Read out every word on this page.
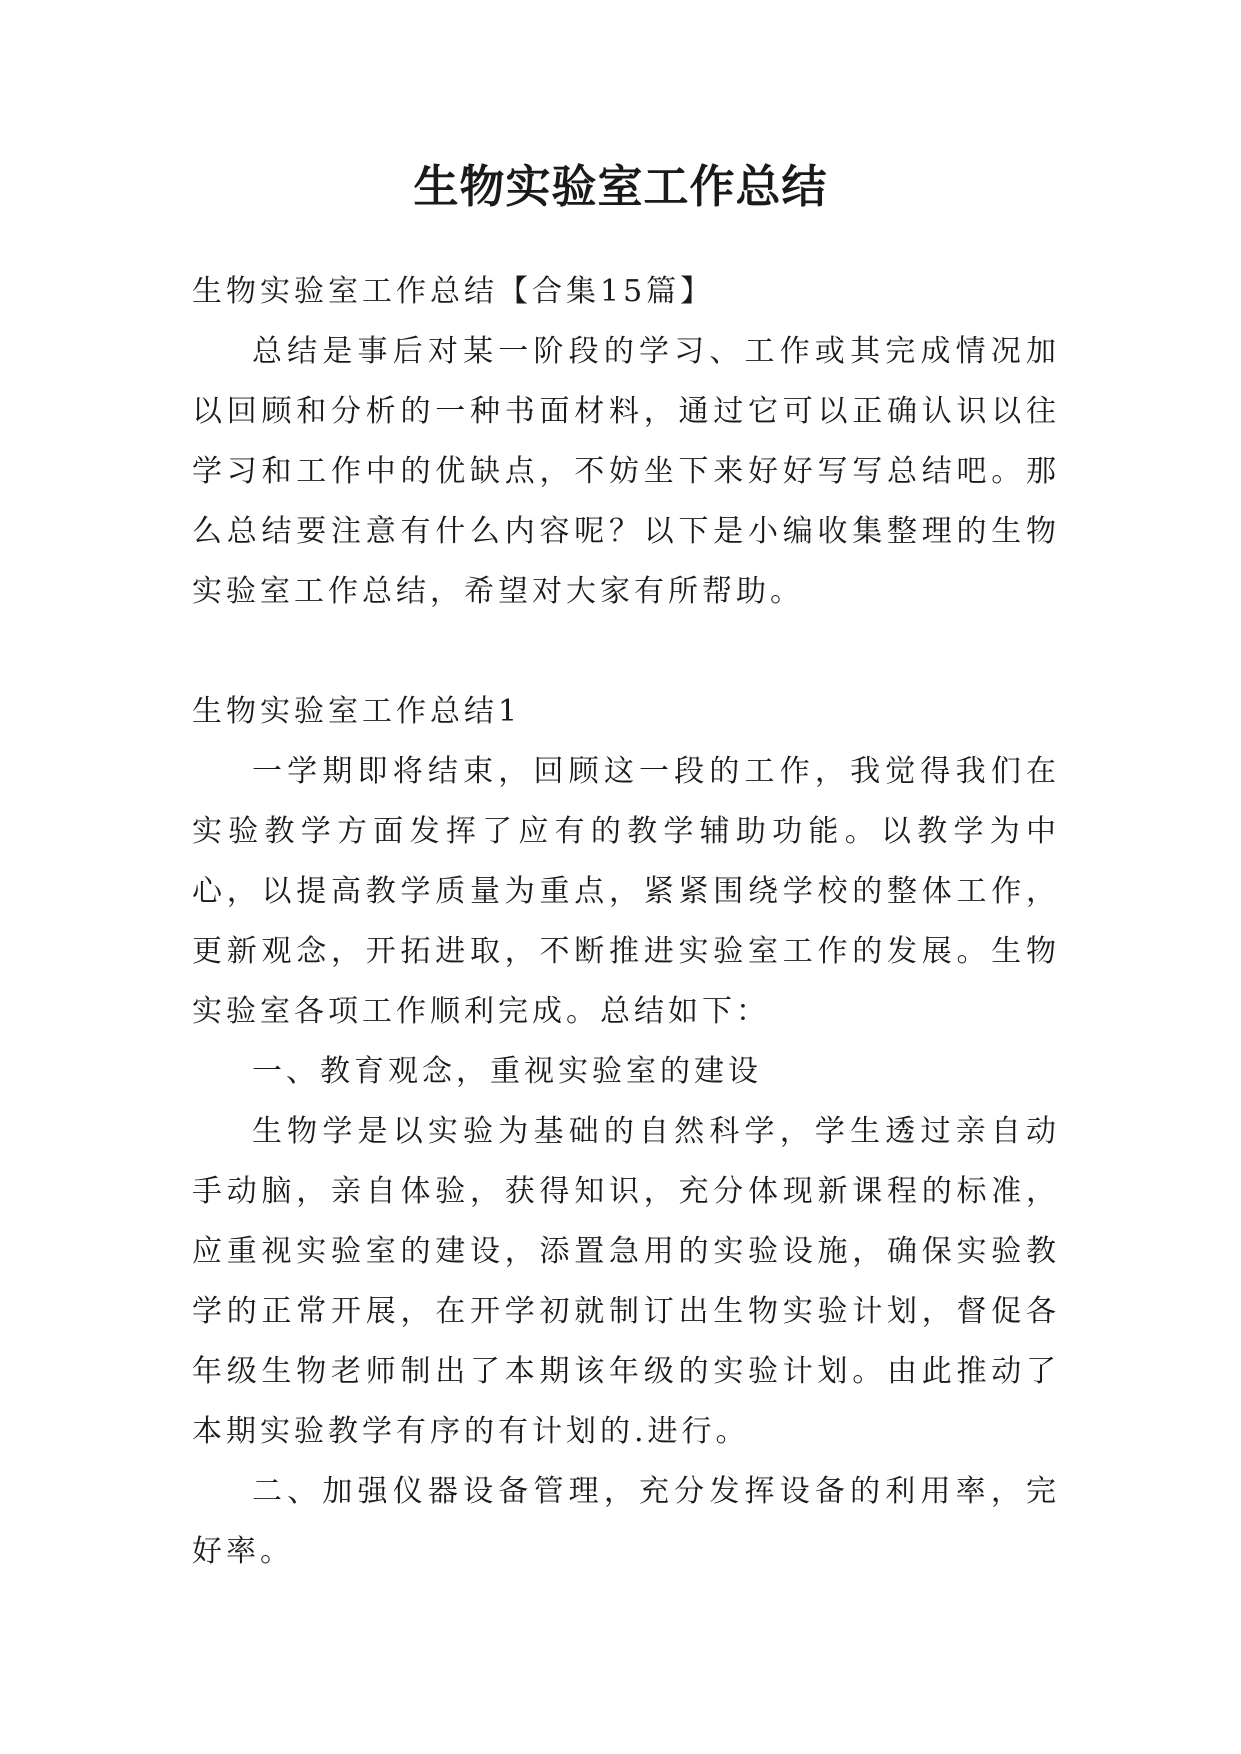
生物实验室工作总结

生物实验室工作总结【合集15篇】

总结是事后对某一阶段的学习、工作或其完成情况加以回顾和分析的一种书面材料，通过它可以正确认识以往学习和工作中的优缺点，不妨坐下来好好写写总结吧。那么总结要注意有什么内容呢？以下是小编收集整理的生物实验室工作总结，希望对大家有所帮助。

生物实验室工作总结1

一学期即将结束，回顾这一段的工作，我觉得我们在实验教学方面发挥了应有的教学辅助功能。以教学为中心，以提高教学质量为重点，紧紧围绕学校的整体工作，更新观念，开拓进取，不断推进实验室工作的发展。生物实验室各项工作顺利完成。总结如下：

一、教育观念，重视实验室的建设

生物学是以实验为基础的自然科学，学生透过亲自动手动脑，亲自体验，获得知识，充分体现新课程的标准，应重视实验室的建设，添置急用的实验设施，确保实验教学的正常开展，在开学初就制订出生物实验计划，督促各年级生物老师制出了本期该年级的实验计划。由此推动了本期实验教学有序的有计划的.进行。

二、加强仪器设备管理，充分发挥设备的利用率，完好率。
